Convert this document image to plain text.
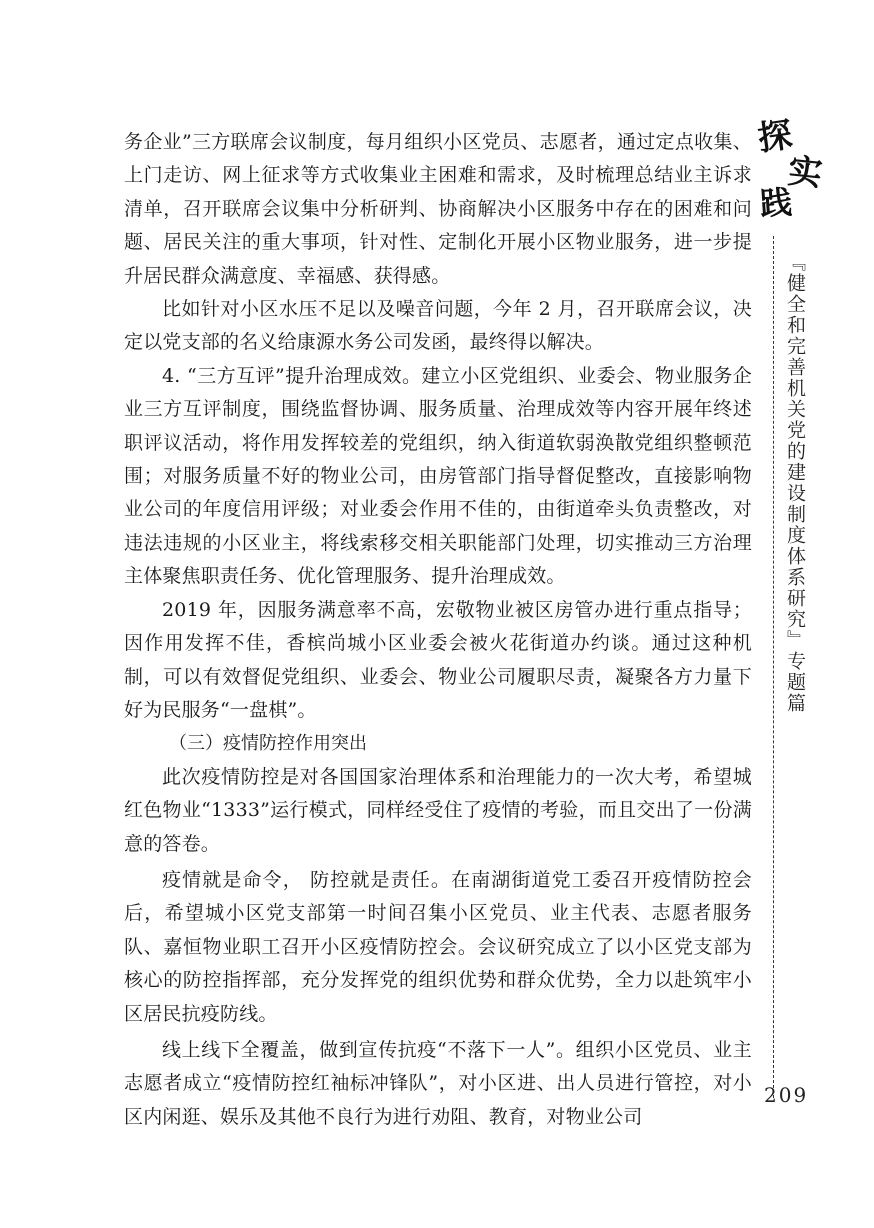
务企业”三方联席会议制度，每月组织小区党员、志愿者，通过定点收集、上门走访、网上征求等方式收集业主困难和需求，及时梳理总结业主诉求清单，召开联席会议集中分析研判、协商解决小区服务中存在的困难和问题、居民关注的重大事项，针对性、定制化开展小区物业服务，进一步提升居民群众满意度、幸福感、获得感。

比如针对小区水压不足以及噪音问题，今年 2 月，召开联席会议，决定以党支部的名义给康源水务公司发函，最终得以解决。

4. “三方互评”提升治理成效。建立小区党组织、业委会、物业服务企业三方互评制度，围绕监督协调、服务质量、治理成效等内容开展年终述职评议活动，将作用发挥较差的党组织，纳入街道软弱涣散党组织整顿范围；对服务质量不好的物业公司，由房管部门指导督促整改，直接影响物业公司的年度信用评级；对业委会作用不佳的，由街道牵头负责整改，对违法违规的小区业主，将线索移交相关职能部门处理，切实推动三方治理主体聚焦职责任务、优化管理服务、提升治理成效。

2019 年，因服务满意率不高，宏敬物业被区房管办进行重点指导；因作用发挥不佳，香槟尚城小区业委会被火花街道办约谈。通过这种机制，可以有效督促党组织、业委会、物业公司履职尽责，凝聚各方力量下好为民服务“一盘棋”。

（三）疫情防控作用突出

此次疫情防控是对各国国家治理体系和治理能力的一次大考，希望城红色物业“1333”运行模式，同样经受住了疫情的考验，而且交出了一份满意的答卷。

疫情就是命令， 防控就是责任。在南湖街道党工委召开疫情防控会后，希望城小区党支部第一时间召集小区党员、业主代表、志愿者服务队、嘉恒物业职工召开小区疫情防控会。会议研究成立了以小区党支部为核心的防控指挥部，充分发挥党的组织优势和群众优势，全力以赴筑牢小区居民抗疫防线。

线上线下全覆盖，做到宣传抗疫“不落下一人”。组织小区党员、业主志愿者成立“疫情防控红袖标冲锋队”，对小区进、出人员进行管控，对小区内闲逛、娱乐及其他不良行为进行劝阻、教育，对物业公司

探
实
践
『健全和完善机关党的建设制度体系研究』专题篇
209
